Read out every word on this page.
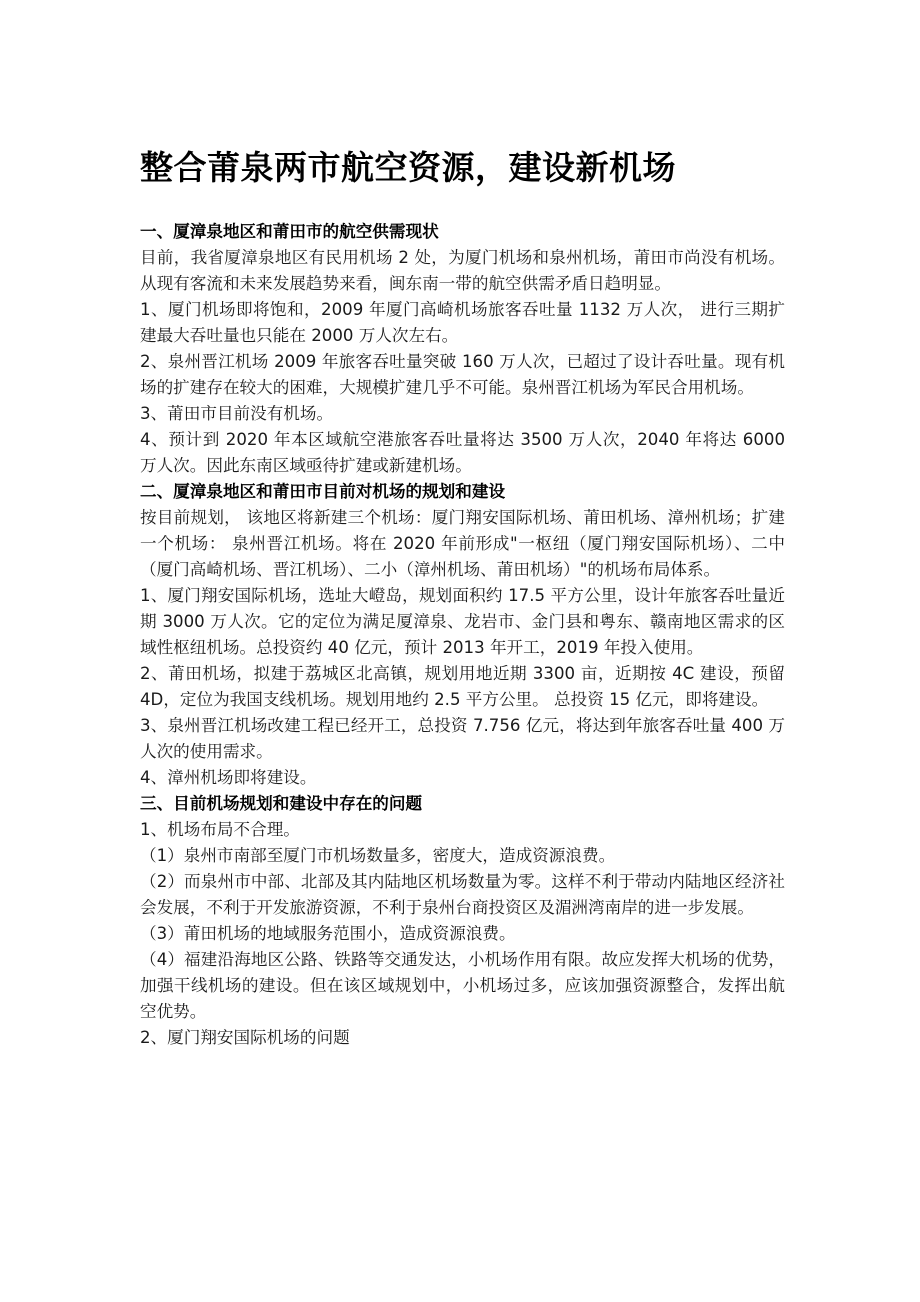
整合莆泉两市航空资源，建设新机场

一、厦漳泉地区和莆田市的航空供需现状

目前，我省厦漳泉地区有民用机场 2 处，为厦门机场和泉州机场，莆田市尚没有机场。从现有客流和未来发展趋势来看，闽东南一带的航空供需矛盾日趋明显。

1、厦门机场即将饱和，2009 年厦门高崎机场旅客吞吐量 1132 万人次， 进行三期扩建最大吞吐量也只能在 2000 万人次左右。

2、泉州晋江机场 2009 年旅客吞吐量突破 160 万人次，已超过了设计吞吐量。现有机场的扩建存在较大的困难，大规模扩建几乎不可能。泉州晋江机场为军民合用机场。

3、莆田市目前没有机场。

4、预计到 2020 年本区域航空港旅客吞吐量将达 3500 万人次，2040 年将达 6000 万人次。因此东南区域亟待扩建或新建机场。

二、厦漳泉地区和莆田市目前对机场的规划和建设

按目前规划， 该地区将新建三个机场：厦门翔安国际机场、莆田机场、漳州机场；扩建一个机场： 泉州晋江机场。将在 2020 年前形成"一枢纽（厦门翔安国际机场）、二中（厦门高崎机场、晋江机场）、二小（漳州机场、莆田机场）"的机场布局体系。

1、厦门翔安国际机场，选址大嶝岛，规划面积约 17.5 平方公里，设计年旅客吞吐量近期 3000 万人次。它的定位为满足厦漳泉、龙岩市、金门县和粤东、赣南地区需求的区域性枢纽机场。总投资约 40 亿元，预计 2013 年开工，2019 年投入使用。

2、莆田机场，拟建于荔城区北高镇，规划用地近期 3300 亩，近期按 4C 建设，预留 4D，定位为我国支线机场。规划用地约 2.5 平方公里。 总投资 15 亿元，即将建设。

3、泉州晋江机场改建工程已经开工，总投资 7.756 亿元，将达到年旅客吞吐量 400 万人次的使用需求。

4、漳州机场即将建设。

三、目前机场规划和建设中存在的问题

1、机场布局不合理。

（1）泉州市南部至厦门市机场数量多，密度大，造成资源浪费。

（2）而泉州市中部、北部及其内陆地区机场数量为零。这样不利于带动内陆地区经济社会发展，不利于开发旅游资源，不利于泉州台商投资区及湄洲湾南岸的进一步发展。

（3）莆田机场的地域服务范围小，造成资源浪费。

（4）福建沿海地区公路、铁路等交通发达，小机场作用有限。故应发挥大机场的优势，加强干线机场的建设。但在该区域规划中，小机场过多，应该加强资源整合，发挥出航空优势。

2、厦门翔安国际机场的问题
